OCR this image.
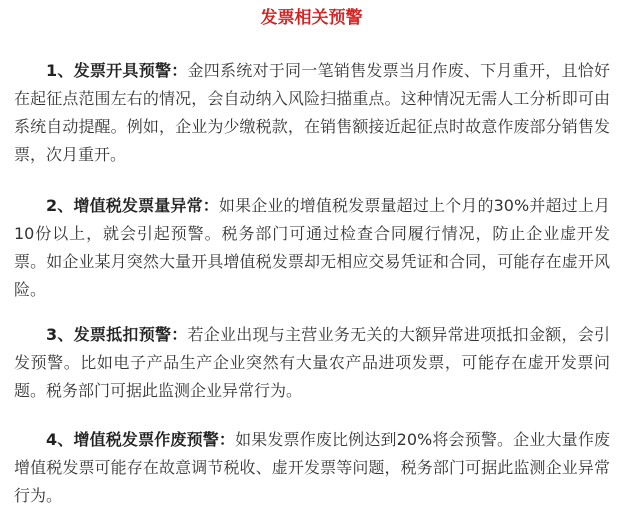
发票相关预警

1、发票开具预警：金四系统对于同一笔销售发票当月作废、下月重开，且恰好在起征点范围左右的情况，会自动纳入风险扫描重点。这种情况无需人工分析即可由系统自动提醒。例如，企业为少缴税款，在销售额接近起征点时故意作废部分销售发票，次月重开。

2、增值税发票量异常：如果企业的增值税发票量超过上个月的30%并超过上月10份以上，就会引起预警。税务部门可通过检查合同履行情况，防止企业虚开发票。如企业某月突然大量开具增值税发票却无相应交易凭证和合同，可能存在虚开风险。

3、发票抵扣预警：若企业出现与主营业务无关的大额异常进项抵扣金额，会引发预警。比如电子产品生产企业突然有大量农产品进项发票，可能存在虚开发票问题。税务部门可据此监测企业异常行为。

4、增值税发票作废预警：如果发票作废比例达到20%将会预警。企业大量作废增值税发票可能存在故意调节税收、虚开发票等问题，税务部门可据此监测企业异常行为。
